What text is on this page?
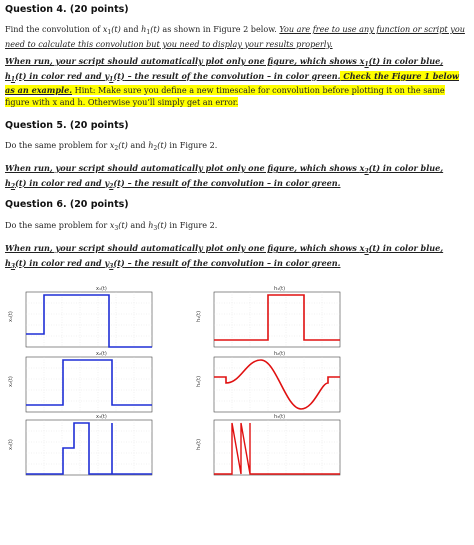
Question 4. (20 points)
Find the convolution of $x_1(t)$ and $h_1(t)$ as shown in Figure 2 below. You are free to use any function or script you need to calculate this convolution but you need to display your results properly.
When run, your script should automatically plot only one figure, which shows $x_1(t)$ in color blue, $h_1(t)$ in color red and $y_1(t)$ – the result of the convolution – in color green. Check the Figure 1 below as an example. Hint: Make sure you define a new timescale for convolution before plotting it on the same figure with x and h. Otherwise you’ll simply get an error.
Question 5. (20 points)
Do the same problem for $x_2(t)$ and $h_2(t)$ in Figure 2.
When run, your script should automatically plot only one figure, which shows $x_2(t)$ in color blue, $h_2(t)$ in color red and $y_2(t)$ – the result of the convolution – in color green.
Question 6. (20 points)
Do the same problem for $x_3(t)$ and $h_3(t)$ in Figure 2.
When run, your script should automatically plot only one figure, which shows $x_3(t)$ in color blue, $h_3(t)$ in color red and $y_3(t)$ – the result of the convolution – in color green.
x₁(t)
x₁(t)
h₁(t)
h₁(t)
x₂(t)
x₂(t)
h₂(t)
h₂(t)
x₃(t)
x₃(t)
h₃(t)
h₃(t)
